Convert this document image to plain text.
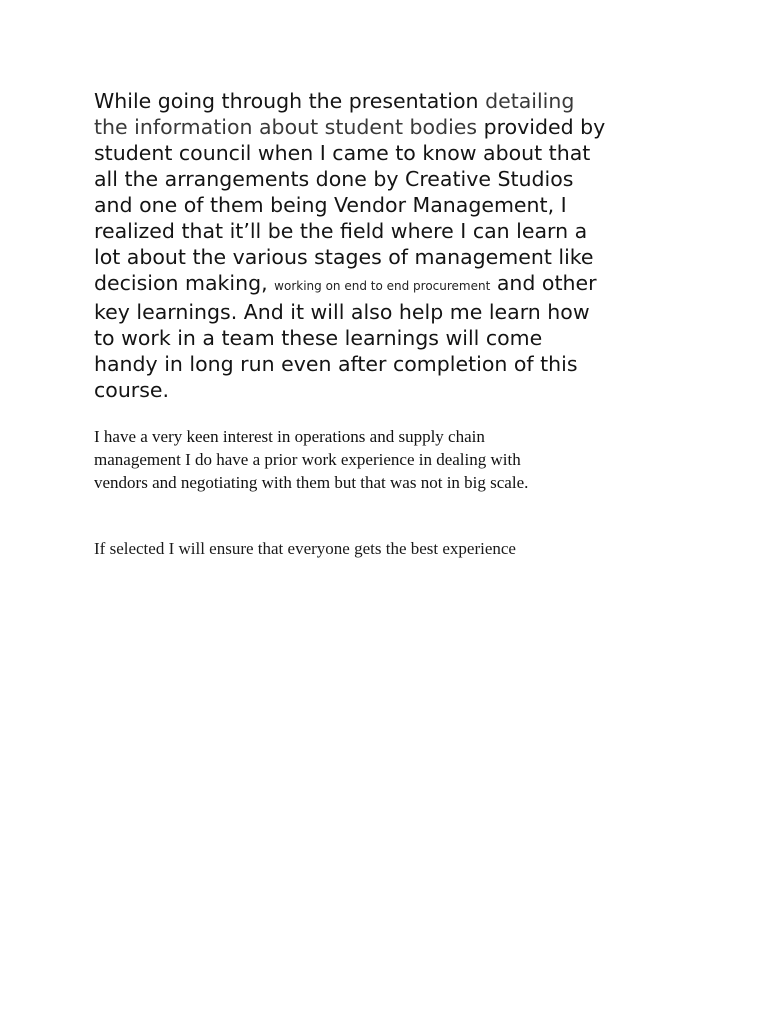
While going through the presentation detailing
the information about student bodies provided by
student council when I came to know about that
all the arrangements done by Creative Studios
and one of them being Vendor Management, I
realized that it’ll be the field where I can learn a
lot about the various stages of management like
decision making, working on end to end procurement and other
key learnings. And it will also help me learn how
to work in a team these learnings will come
handy in long run even after completion of this
course.

I have a very keen interest in operations and supply chain
management I do have a prior work experience in dealing with
vendors and negotiating with them but that was not in big scale.

If selected I will ensure that everyone gets the best experience
